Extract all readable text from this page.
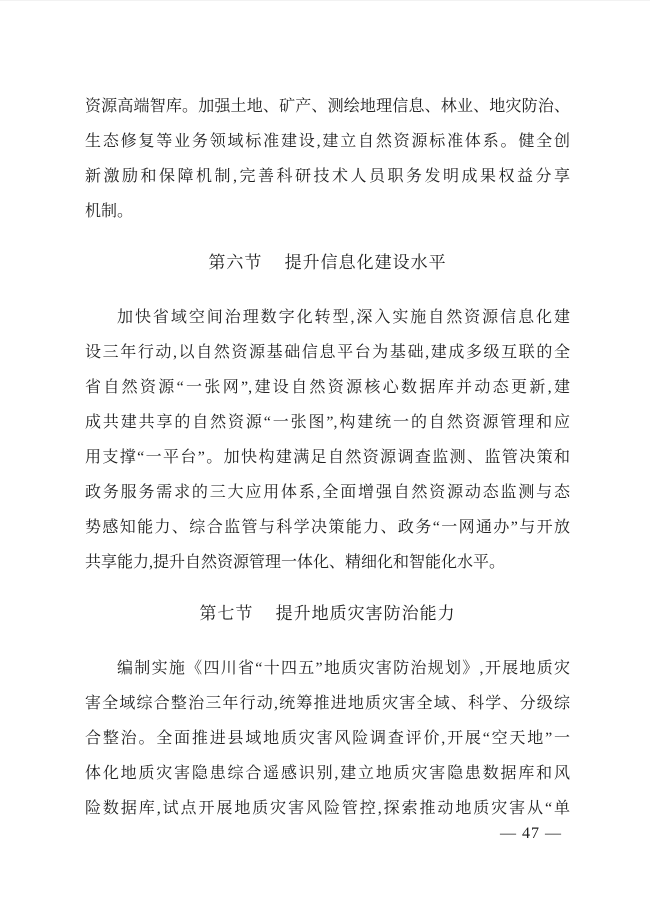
资源高端智库。加强土地、矿产、测绘地理信息、林业、地灾防治、
生态修复等业务领域标准建设,建立自然资源标准体系。健全创
新激励和保障机制,完善科研技术人员职务发明成果权益分享
机制。
第六节 提升信息化建设水平
加快省域空间治理数字化转型,深入实施自然资源信息化建
设三年行动,以自然资源基础信息平台为基础,建成多级互联的全
省自然资源“一张网”,建设自然资源核心数据库并动态更新,建
成共建共享的自然资源“一张图”,构建统一的自然资源管理和应
用支撑“一平台”。加快构建满足自然资源调查监测、监管决策和
政务服务需求的三大应用体系,全面增强自然资源动态监测与态
势感知能力、综合监管与科学决策能力、政务“一网通办”与开放
共享能力,提升自然资源管理一体化、精细化和智能化水平。
第七节 提升地质灾害防治能力
编制实施《四川省“十四五”地质灾害防治规划》,开展地质灾
害全域综合整治三年行动,统筹推进地质灾害全域、科学、分级综
合整治。全面推进县域地质灾害风险调查评价,开展“空天地”一
体化地质灾害隐患综合遥感识别,建立地质灾害隐患数据库和风
险数据库,试点开展地质灾害风险管控,探索推动地质灾害从“单
— 47 —
